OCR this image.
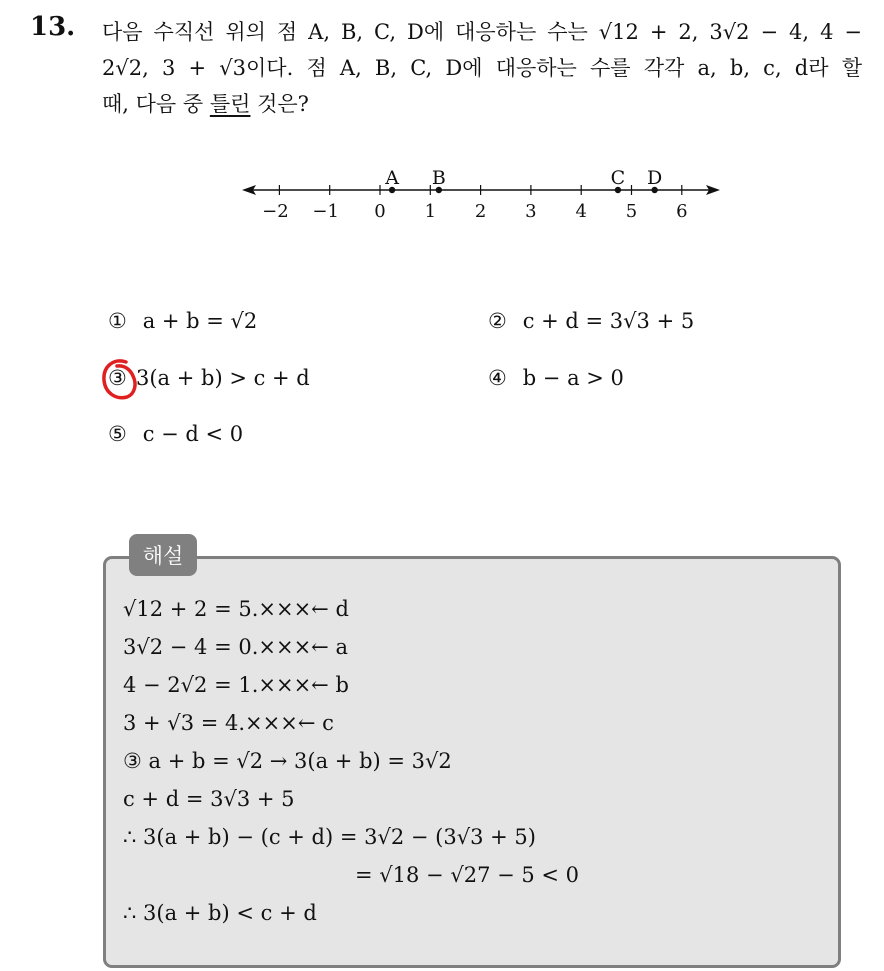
13. 다음 수직선 위의 점 A, B, C, D에 대응하는 수는 √12 + 2, 3√2 − 4, 4 −
2√2, 3 + √3이다. 점 A, B, C, D에 대응하는 수를 각각 a, b, c, d라 할
때, 다음 중 틀린 것은?
−2 −1 0 1 2 3 4 5 6
A B	C D
① a + b = √2	② c + d = 3√3 + 5
③ 3(a + b) > c + d	④ b − a > 0
⑤ c − d < 0
해설
√12 + 2 = 5.×××← d
3√2 − 4 = 0.×××← a
4 − 2√2 = 1.×××← b
3 + √3 = 4.×××← c
③ a + b = √2 → 3(a + b) = 3√2
c + d = 3√3 + 5
∴ 3(a + b) − (c + d) = 3√2 − (3√3 + 5)
= √18 − √27 − 5 < 0
∴ 3(a + b) < c + d
